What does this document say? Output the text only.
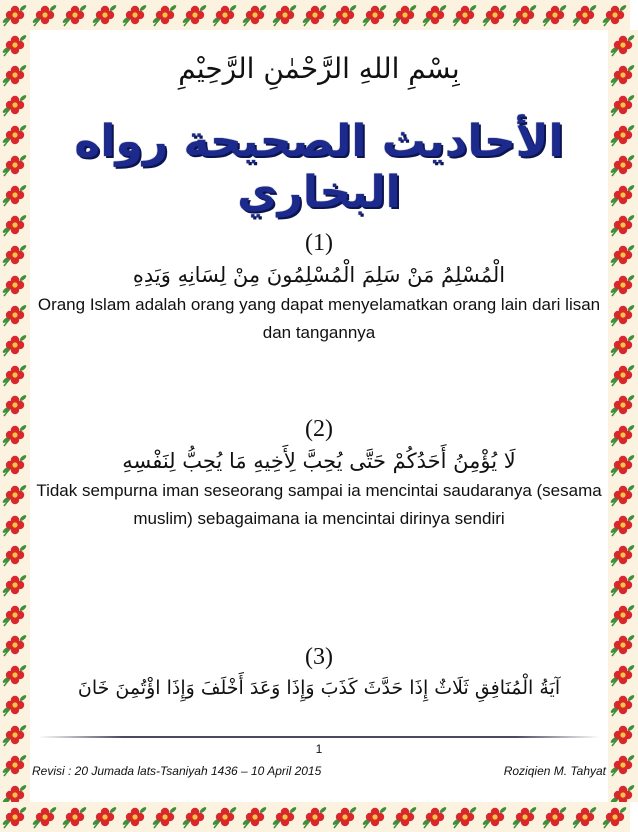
بِسْمِ اللهِ الرَّحْمٰنِ الرَّحِيْمِ
الأحاديث الصحيحة رواه البخاري
(1)
الْمُسْلِمُ مَنْ سَلِمَ الْمُسْلِمُونَ مِنْ لِسَانِهِ وَيَدِهِ
Orang Islam adalah orang yang dapat menyelamatkan orang lain dari lisan dan tangannya
(2)
لَا يُؤْمِنُ أَحَدُكُمْ حَتَّى يُحِبَّ لِأَخِيهِ مَا يُحِبُّ لِنَفْسِهِ
Tidak sempurna iman seseorang sampai ia mencintai saudaranya (sesama muslim) sebagaimana ia mencintai dirinya sendiri
(3)
آيَةُ الْمُنَافِقِ ثَلَاثٌ إِذَا حَدَّثَ كَذَبَ وَإِذَا وَعَدَ أَخْلَفَ وَإِذَا اؤْتُمِنَ خَانَ
1
Revisi : 20 Jumada lats-Tsaniyah 1436 – 10 April 2015	Roziqien M. Tahyat
